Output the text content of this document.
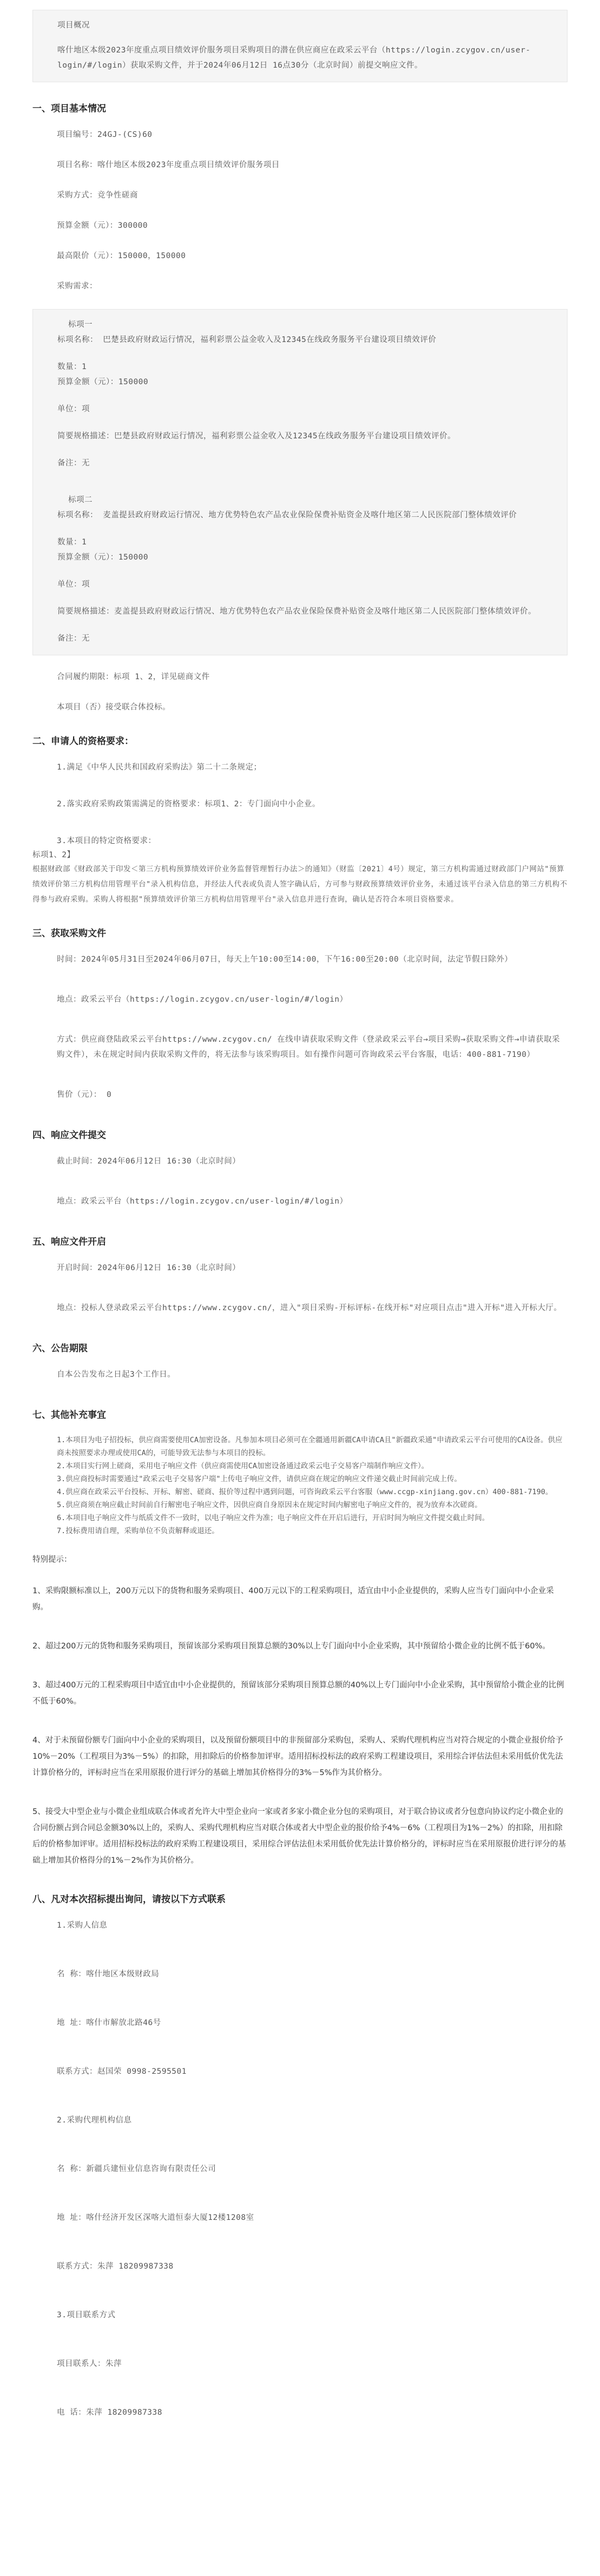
项目概况

喀什地区本级2023年度重点项目绩效评价服务项目采购项目的潜在供应商应在政采云平台（https://login.zcygov.cn/user-login/#/login）获取采购文件，并于2024年06月12日 16点30分（北京时间）前提交响应文件。

一、项目基本情况

项目编号：24GJ-(CS)60

项目名称：喀什地区本级2023年度重点项目绩效评价服务项目

采购方式：竞争性磋商

预算金额（元）：300000

最高限价（元）：150000，150000

采购需求：

标项一

标项名称： 巴楚县政府财政运行情况，福利彩票公益金收入及12345在线政务服务平台建设项目绩效评价

数量：1

预算金额（元）：150000

单位：项

简要规格描述：巴楚县政府财政运行情况，福利彩票公益金收入及12345在线政务服务平台建设项目绩效评价。

备注：无

标项二

标项名称： 麦盖提县政府财政运行情况、地方优势特色农产品农业保险保费补贴资金及喀什地区第二人民医院部门整体绩效评价

数量：1

预算金额（元）：150000

单位：项

简要规格描述：麦盖提县政府财政运行情况、地方优势特色农产品农业保险保费补贴资金及喀什地区第二人民医院部门整体绩效评价。

备注：无

合同履约期限：标项 1、2，详见磋商文件

本项目（否）接受联合体投标。

二、申请人的资格要求：

1.满足《中华人民共和国政府采购法》第二十二条规定；

2.落实政府采购政策需满足的资格要求：标项1、2：专门面向中小企业。

3.本项目的特定资格要求：

标项1、2】

根据财政部《财政部关于印发＜第三方机构预算绩效评价业务监督管理暂行办法＞的通知》（财监〔2021〕4号）规定，第三方机构需通过财政部门户网站"预算绩效评价第三方机构信用管理平台"录入机构信息，并经法人代表或负责人签字确认后，方可参与财政预算绩效评价业务，未通过该平台录入信息的第三方机构不得参与政府采购。采购人将根据"预算绩效评价第三方机构信用管理平台"录入信息并进行查询，确认是否符合本项目资格要求。

三、获取采购文件

时间：2024年05月31日至2024年06月07日，每天上午10:00至14:00，下午16:00至20:00（北京时间，法定节假日除外）

地点：政采云平台（https://login.zcygov.cn/user-login/#/login）

方式：供应商登陆政采云平台https://www.zcygov.cn/ 在线申请获取采购文件（登录政采云平台→项目采购→获取采购文件→申请获取采购文件），未在规定时间内获取采购文件的，将无法参与该采购项目。如有操作问题可咨询政采云平台客服，电话：400-881-7190）

售价（元）： 0

四、响应文件提交

截止时间：2024年06月12日 16:30（北京时间）

地点：政采云平台（https://login.zcygov.cn/user-login/#/login）

五、响应文件开启

开启时间：2024年06月12日 16:30（北京时间）

地点：投标人登录政采云平台https://www.zcygov.cn/，进入"项目采购-开标评标-在线开标"对应项目点击"进入开标"进入开标大厅。

六、公告期限

自本公告发布之日起3个工作日。

七、其他补充事宜

1.本项目为电子招投标，供应商需要使用CA加密设备。凡参加本项目必须可在全疆通用新疆CA申请CA且"新疆政采通"申请政采云平台可使用的CA设备。供应商未按照要求办理或使用CA的，可能导致无法参与本项目的投标。

2.本项目实行网上磋商，采用电子响应文件（供应商需使用CA加密设备通过政采云电子交易客户端制作响应文件）。

3.供应商投标时需要通过"政采云电子交易客户端"上传电子响应文件，请供应商在规定的响应文件递交截止时间前完成上传。

4.供应商在政采云平台投标、开标、解密、磋商、报价等过程中遇到问题，可咨询政采云平台客服（www.ccgp-xinjiang.gov.cn）400-881-7190。

5.供应商须在响应截止时间前自行解密电子响应文件，因供应商自身原因未在规定时间内解密电子响应文件的，视为放弃本次磋商。

6.本项目电子响应文件与纸质文件不一致时，以电子响应文件为准；电子响应文件在开启后进行，开启时间为响应文件提交截止时间。

7.投标费用请自理，采购单位不负责解释或退还。

特别提示：

1、采购限额标准以上，200万元以下的货物和服务采购项目、400万元以下的工程采购项目，适宜由中小企业提供的，采购人应当专门面向中小企业采购。

2、超过200万元的货物和服务采购项目，预留该部分采购项目预算总额的30%以上专门面向中小企业采购，其中预留给小微企业的比例不低于60%。

3、超过400万元的工程采购项目中适宜由中小企业提供的，预留该部分采购项目预算总额的40%以上专门面向中小企业采购，其中预留给小微企业的比例不低于60%。

4、对于未预留份额专门面向中小企业的采购项目，以及预留份额项目中的非预留部分采购包，采购人、采购代理机构应当对符合规定的小微企业报价给予10%－20%（工程项目为3%－5%）的扣除，用扣除后的价格参加评审。适用招标投标法的政府采购工程建设项目，采用综合评估法但未采用低价优先法计算价格分的，评标时应当在采用原报价进行评分的基础上增加其价格得分的3%－5%作为其价格分。

5、接受大中型企业与小微企业组成联合体或者允许大中型企业向一家或者多家小微企业分包的采购项目，对于联合协议或者分包意向协议约定小微企业的合同份额占到合同总金额30%以上的，采购人、采购代理机构应当对联合体或者大中型企业的报价给予4%－6%（工程项目为1%－2%）的扣除，用扣除后的价格参加评审。适用招标投标法的政府采购工程建设项目，采用综合评估法但未采用低价优先法计算价格分的，评标时应当在采用原报价进行评分的基础上增加其价格得分的1%－2%作为其价格分。

八、凡对本次招标提出询问，请按以下方式联系

1.采购人信息

名 称：喀什地区本级财政局

地 址：喀什市解放北路46号

联系方式：赵国荣 0998-2595501

2.采购代理机构信息

名 称：新疆兵建恒业信息咨询有限责任公司

地 址：喀什经济开发区深喀大道恒泰大厦12楼1208室

联系方式：朱萍 18209987338

3.项目联系方式

项目联系人：朱萍

电 话：朱萍 18209987338
